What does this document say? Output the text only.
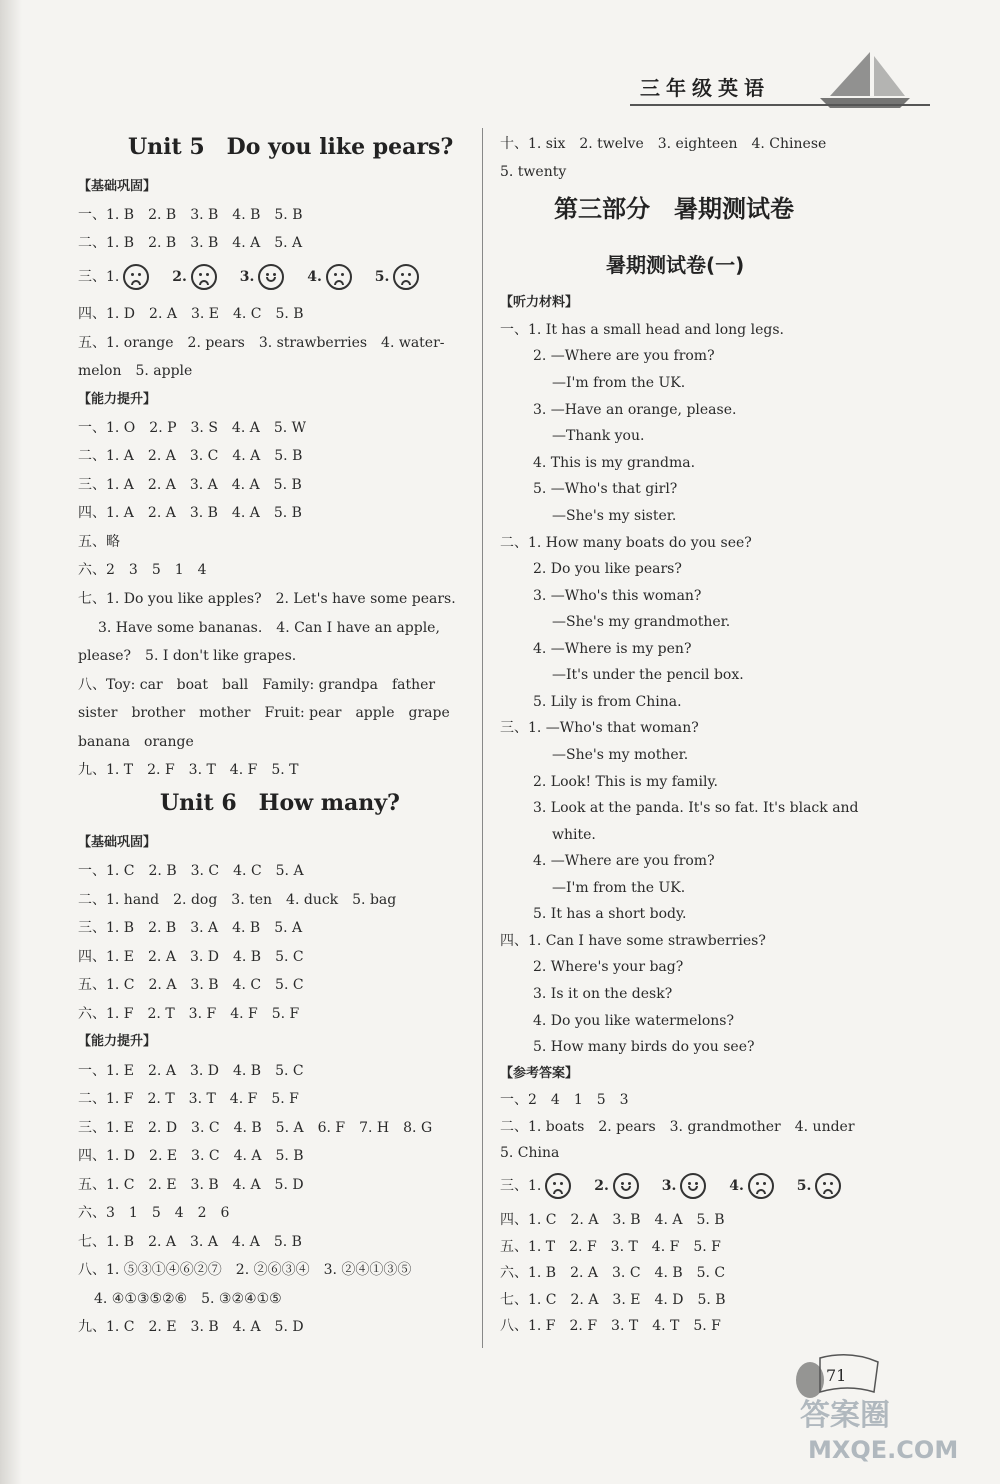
三年级英语
Unit 5　Do you like pears?
【基础巩固】
一、1. B　2. B　3. B　4. B　5. B
二、1. B　2. B　3. B　4. A　5. A
三、1.
 	2.
 	3.
 	4.
 	5.

四、1. D　2. A　3. E　4. C　5. B
五、1. orange　2. pears　3. strawberries　4. water-
melon　5. apple
【能力提升】
一、1. O　2. P　3. S　4. A　5. W
二、1. A　2. A　3. C　4. A　5. B
三、1. A　2. A　3. A　4. A　5. B
四、1. A　2. A　3. B　4. A　5. B
五、略
六、2　3　5　1　4
七、1. Do you like apples?　2. Let's have some pears.
3. Have some bananas.　4. Can I have an apple,
please?　5. I don't like grapes.
八、Toy: car　boat　ball　Family: grandpa　father
sister　brother　mother　Fruit: pear　apple　grape
banana　orange
九、1. T　2. F　3. T　4. F　5. T
Unit 6　How many?
【基础巩固】
一、1. C　2. B　3. C　4. C　5. A
二、1. hand　2. dog　3. ten　4. duck　5. bag
三、1. B　2. B　3. A　4. B　5. A
四、1. E　2. A　3. D　4. B　5. C
五、1. C　2. A　3. B　4. C　5. C
六、1. F　2. T　3. F　4. F　5. F
【能力提升】
一、1. E　2. A　3. D　4. B　5. C
二、1. F　2. T　3. T　4. F　5. F
三、1. E　2. D　3. C　4. B　5. A　6. F　7. H　8. G
四、1. D　2. E　3. C　4. A　5. B
五、1. C　2. E　3. B　4. A　5. D
六、3　1　5　4　2　6
七、1. B　2. A　3. A　4. A　5. B
八、1. ⑤③①④⑥②⑦　2. ②⑥③④　3. ②④①③⑤
4. ④①③⑤②⑥　5. ③②④①⑤
九、1. C　2. E　3. B　4. A　5. D
十、1. six　2. twelve　3. eighteen　4. Chinese
5. twenty
第三部分　暑期测试卷
暑期测试卷(一)
【听力材料】
一、1. It has a small head and long legs.
2. —Where are you from?
—I'm from the UK.
3. —Have an orange, please.
—Thank you.
4. This is my grandma.
5. —Who's that girl?
—She's my sister.
二、1. How many boats do you see?
2. Do you like pears?
3. —Who's this woman?
—She's my grandmother.
4. —Where is my pen?
—It's under the pencil box.
5. Lily is from China.
三、1. —Who's that woman?
—She's my mother.
2. Look! This is my family.
3. Look at the panda. It's so fat. It's black and
white.
4. —Where are you from?
—I'm from the UK.
5. It has a short body.
四、1. Can I have some strawberries?
2. Where's your bag?
3. Is it on the desk?
4. Do you like watermelons?
5. How many birds do you see?
【参考答案】
一、2　4　1　5　3
二、1. boats　2. pears　3. grandmother　4. under
5. China
三、1.
 	2.
 	3.
 	4.
 	5.

四、1. C　2. A　3. B　4. A　5. B
五、1. T　2. F　3. T　4. F　5. F
六、1. B　2. A　3. C　4. B　5. C
七、1. C　2. A　3. E　4. D　5. B
八、1. F　2. F　3. T　4. T　5. F
71
答案圈
MXQE.COM
